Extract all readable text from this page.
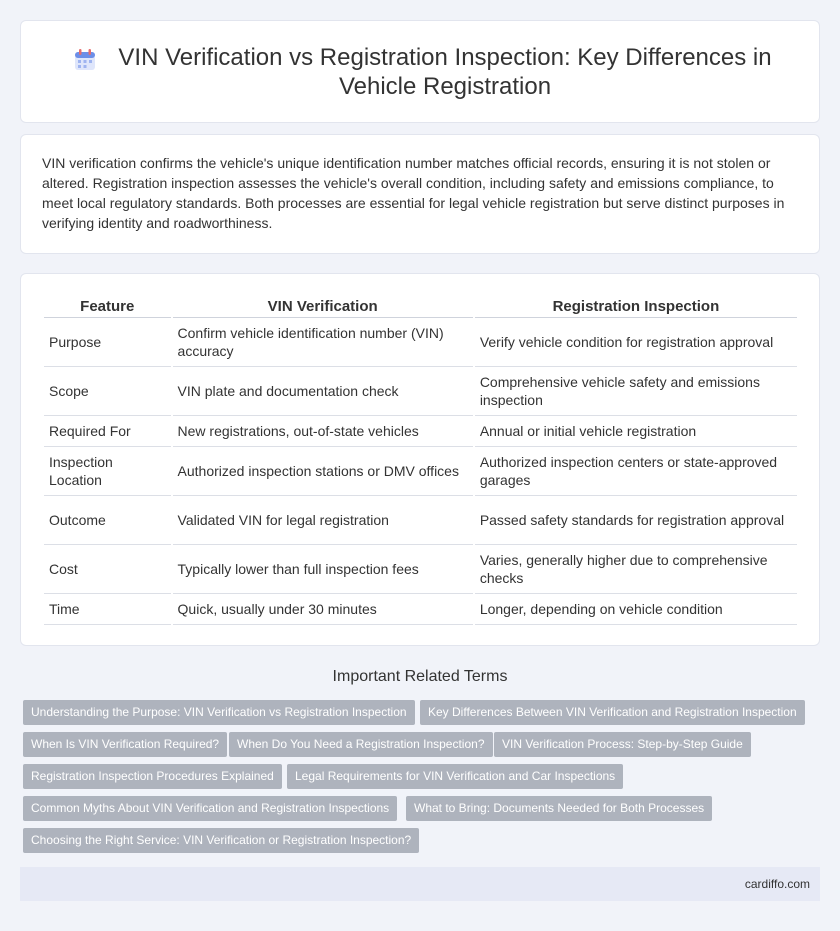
VIN Verification vs Registration Inspection: Key Differences in Vehicle Registration

VIN verification confirms the vehicle's unique identification number matches official records, ensuring it is not stolen or altered. Registration inspection assesses the vehicle's overall condition, including safety and emissions compliance, to meet local regulatory standards. Both processes are essential for legal vehicle registration but serve distinct purposes in verifying identity and roadworthiness.

Feature	VIN Verification	Registration Inspection
Purpose	Confirm vehicle identification number (VIN) accuracy	Verify vehicle condition for registration approval
Scope	VIN plate and documentation check	Comprehensive vehicle safety and emissions inspection
Required For	New registrations, out-of-state vehicles	Annual or initial vehicle registration
Inspection Location	Authorized inspection stations or DMV offices	Authorized inspection centers or state-approved garages
Outcome	Validated VIN for legal registration	Passed safety standards for registration approval
Cost	Typically lower than full inspection fees	Varies, generally higher due to comprehensive checks
Time	Quick, usually under 30 minutes	Longer, depending on vehicle condition
Important Related Terms
Understanding the Purpose: VIN Verification vs Registration Inspection	Key Differences Between VIN Verification and Registration Inspection
When Is VIN Verification Required?	When Do You Need a Registration Inspection?	VIN Verification Process: Step-by-Step Guide
Registration Inspection Procedures Explained	Legal Requirements for VIN Verification and Car Inspections
Common Myths About VIN Verification and Registration Inspections	What to Bring: Documents Needed for Both Processes
Choosing the Right Service: VIN Verification or Registration Inspection?
cardiffo.com
